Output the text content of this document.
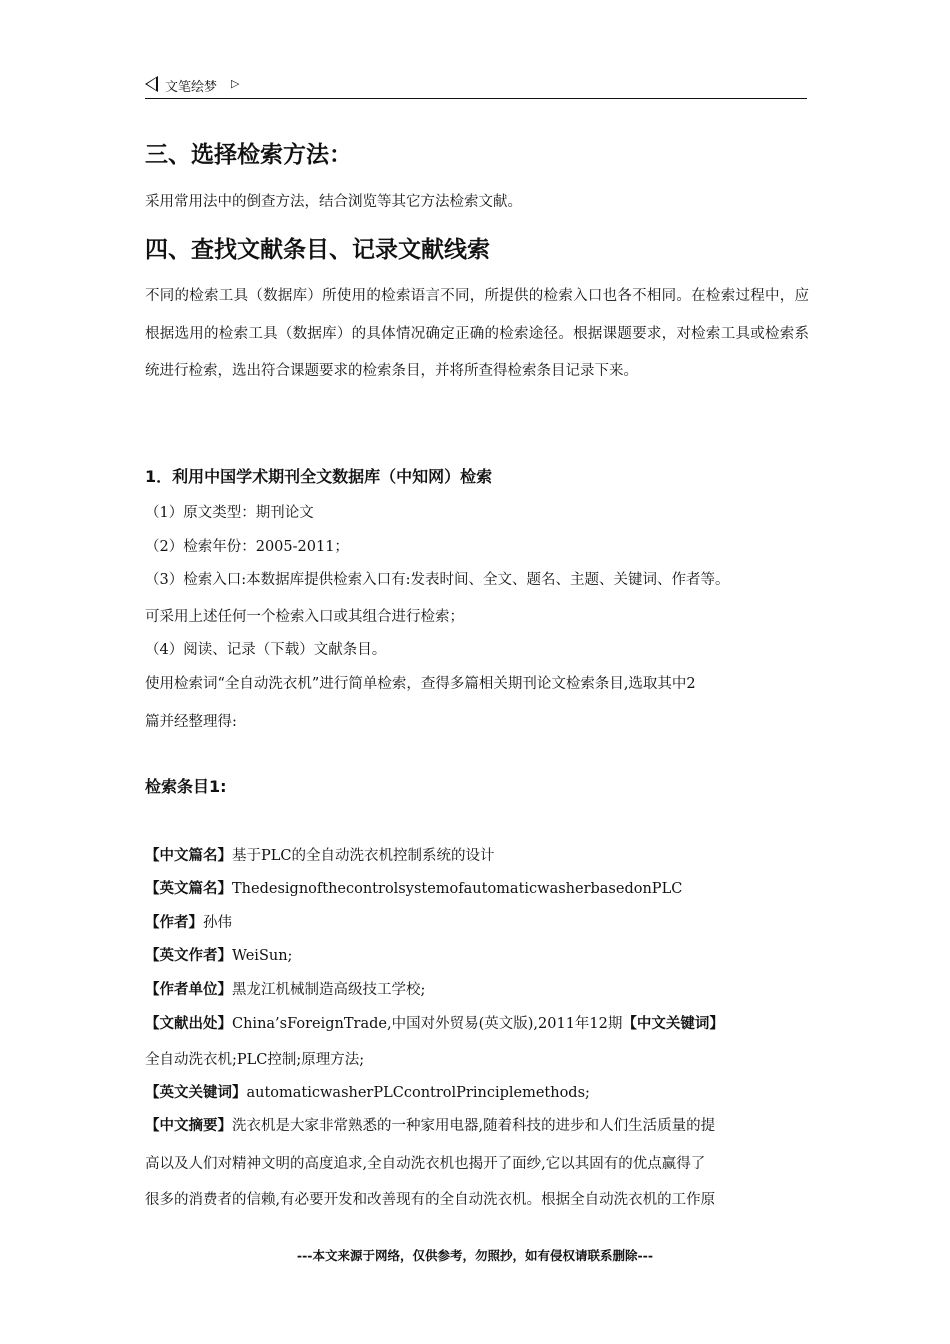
文笔绘梦 ▷
三、选择检索方法：
采用常用法中的倒查方法，结合浏览等其它方法检索文献。
四、查找文献条目、记录文献线索
不同的检索工具（数据库）所使用的检索语言不同，所提供的检索入口也各不相同。在检索过程中，应根据选用的检索工具（数据库）的具体情况确定正确的检索途径。根据课题要求，对检索工具或检索系统进行检索，选出符合课题要求的检索条目，并将所查得检索条目记录下来。
1．利用中国学术期刊全文数据库（中知网）检索
（1）原文类型：期刊论文
（2）检索年份：2005-2011；
（3）检索入口:本数据库提供检索入口有:发表时间、全文、题名、主题、关键词、作者等。
可采用上述任何一个检索入口或其组合进行检索；
（4）阅读、记录（下载）文献条目。
使用检索词“全自动洗衣机”进行简单检索，查得多篇相关期刊论文检索条目,选取其中2
篇并经整理得:
检索条目1:
【中文篇名】基于PLC的全自动洗衣机控制系统的设计
【英文篇名】ThedesignofthecontrolsystemofautomaticwasherbasedonPLC
【作者】孙伟
【英文作者】WeiSun;
【作者单位】黑龙江机械制造高级技工学校;
【文献出处】China’sForeignTrade,中国对外贸易(英文版),2011年12期【中文关键词】
全自动洗衣机;PLC控制;原理方法;
【英文关键词】automaticwasherPLCcontrolPrinciplemethods;
【中文摘要】洗衣机是大家非常熟悉的一种家用电器,随着科技的进步和人们生活质量的提
高以及人们对精神文明的高度追求,全自动洗衣机也揭开了面纱,它以其固有的优点赢得了
很多的消费者的信赖,有必要开发和改善现有的全自动洗衣机。根据全自动洗衣机的工作原
---本文来源于网络，仅供参考，勿照抄，如有侵权请联系删除---
